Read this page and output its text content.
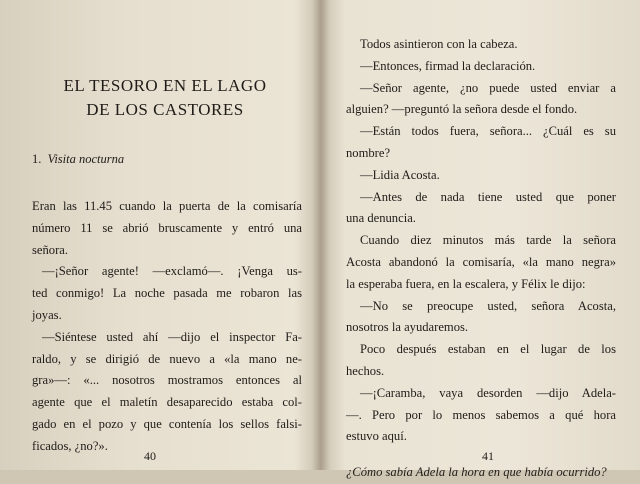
EL TESORO EN EL LAGO
DE LOS CASTORES
1. Visita nocturna
Eran las 11.45 cuando la puerta de la comisaría
número 11 se abrió bruscamente y entró una
señora.
—¡Señor agente! —exclamó—. ¡Venga us-
ted conmigo! La noche pasada me robaron las
joyas.
—Siéntese usted ahí —dijo el inspector Fa-
raldo, y se dirigió de nuevo a «la mano ne-
gra»—: «... nosotros mostramos entonces al
agente que el maletín desaparecido estaba col-
gado en el pozo y que contenía los sellos falsi-
ficados, ¿no?».
40
Todos asintieron con la cabeza.
—Entonces, firmad la declaración.
—Señor agente, ¿no puede usted enviar a
alguien? —preguntó la señora desde el fondo.
—Están todos fuera, señora... ¿Cuál es su
nombre?
—Lidia Acosta.
—Antes de nada tiene usted que poner
una denuncia.
Cuando diez minutos más tarde la señora
Acosta abandonó la comisaría, «la mano negra»
la esperaba fuera, en la escalera, y Félix le dijo:
—No se preocupe usted, señora Acosta,
nosotros la ayudaremos.
Poco después estaban en el lugar de los
hechos.
—¡Caramba, vaya desorden —dijo Adela-
—. Pero por lo menos sabemos a qué hora
estuvo aquí.
¿Cómo sabía Adela la hora en que había ocurrido?
41
